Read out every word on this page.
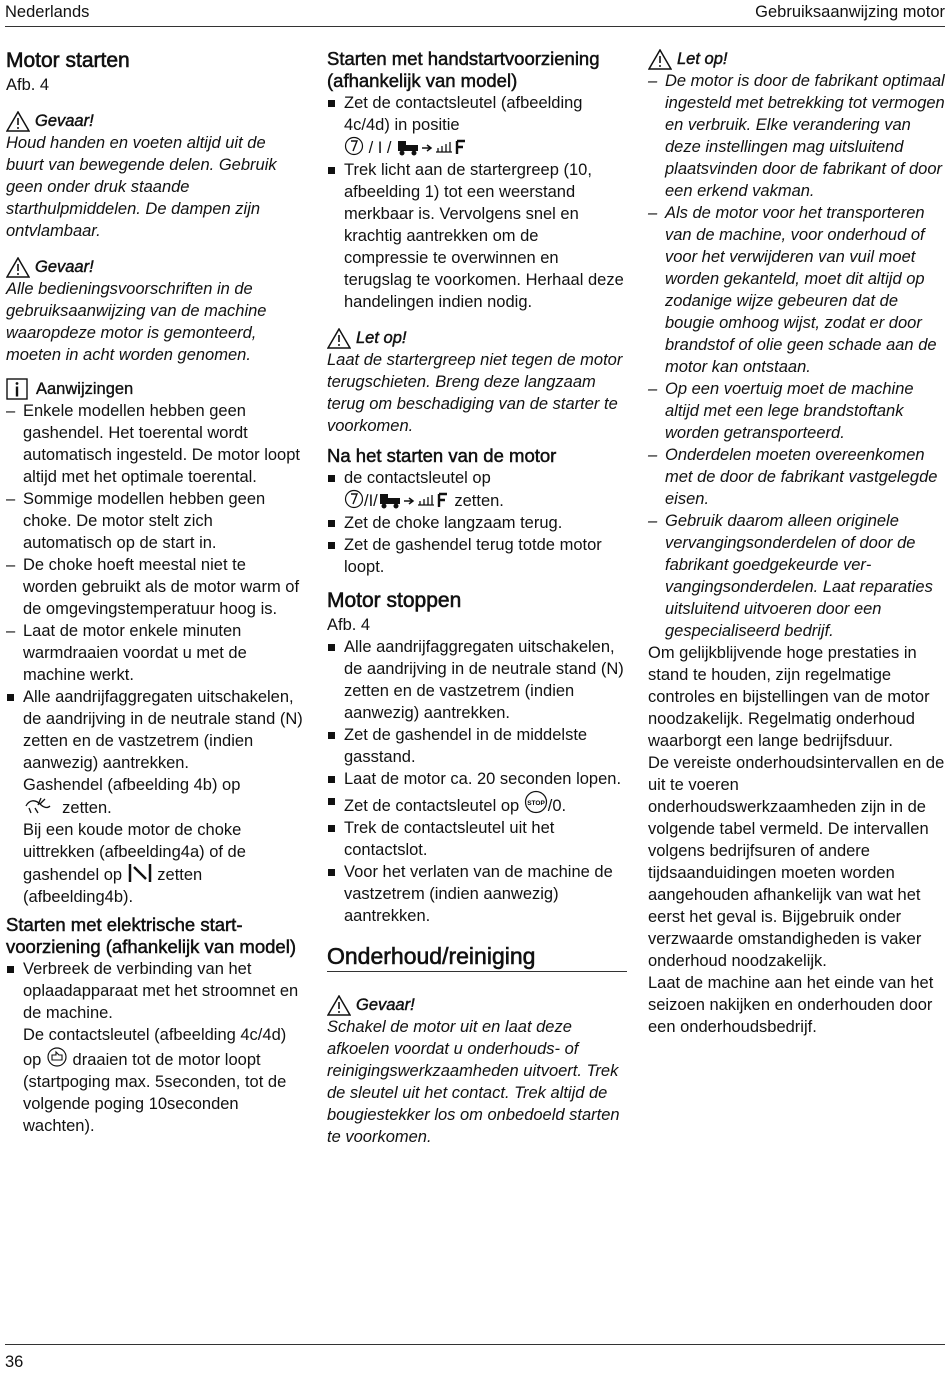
Nederlands	Gebruiksaanwijzing motor
Motor starten

Afb. 4

Gevaar!

Houd handen en voeten altijd uit de buurt van bewegende delen. Gebruik geen onder druk staande starthulpmiddelen. De dampen zijn ontvlambaar.

Gevaar!

Alle bedieningsvoorschriften in de gebruiksaanwijzing van de machine waaropdeze motor is gemonteerd, moeten in acht worden genomen.

Aanwijzingen
– Enkele modellen hebben geen gashendel. Het toerental wordt automatisch ingesteld. De motor loopt altijd met het optimale toerental.
– Sommige modellen hebben geen choke. De motor stelt zich automatisch op de start in.
– De choke hoeft meestal niet te worden gebruikt als de motor warm of de omgevingstemperatuur hoog is.
– Laat de motor enkele minuten warmdraaien voordat u met de machine werkt.
Alle aandrijfaggregaten uitschakelen, de aandrijving in de neutrale stand (N) zetten en de vastzetrem (indien aanwezig) aantrekken.

Gashendel (afbeelding 4b) op
zetten.

Bij een koude motor de choke uittrekken (afbeelding4a) of de gashendel op zetten (afbeelding4b).

Starten met elektrische startvoorziening (afhankelijk van model)
Verbreek de verbinding van het oplaadapparaat met het stroomnet en de machine.

De contactsleutel (afbeelding 4c/4d) op draaien tot de motor loopt (startpoging max. 5seconden, tot de volgende poging 10seconden wachten).

Starten met handstartvoorziening (afhankelijk van model)
Zet de contactsleutel (afbeelding 4c/4d) in positie
/ I /
Trek licht aan de startergreep (10, afbeelding 1) tot een weerstand merkbaar is. Vervolgens snel en krachtig aantrekken om de compressie te overwinnen en terugslag te voorkomen. Herhaal deze handelingen indien nodig.
Let op!

Laat de startergreep niet tegen de motor terugschieten. Breng deze langzaam terug om beschadiging van de starter te voorkomen.

Na het starten van de motor
de contactsleutel op
/I/	zetten.
Zet de choke langzaam terug.
Zet de gashendel terug totde motor loopt.
Motor stoppen

Afb. 4

Alle aandrijfaggregaten uitschakelen, de aandrijving in de neutrale stand (N) zetten en de vastzetrem (indien aanwezig) aantrekken.
Zet de gashendel in de middelste gasstand.
Laat de motor ca. 20 seconden lopen.
Zet de contactsleutel op STOP /0.
Trek de contactsleutel uit het contactslot.
Voor het verlaten van de machine de vastzetrem (indien aanwezig) aantrekken.
Onderhoud/reiniging
Gevaar!

Schakel de motor uit en laat deze afkoelen voordat u onderhouds- of reinigingswerkzaamheden uitvoert. Trek de sleutel uit het contact. Trek altijd de bougiestekker los om onbedoeld starten te voorkomen.

Let op!
– De motor is door de fabrikant optimaal ingesteld met betrekking tot vermogen en verbruik. Elke verandering van deze instellingen mag uitsluitend plaatsvinden door de fabrikant of door een erkend vakman.
– Als de motor voor het transporteren van de machine, voor onderhoud of voor het verwijderen van vuil moet worden gekanteld, moet dit altijd op zodanige wijze gebeuren dat de bougie omhoog wijst, zodat er door brandstof of olie geen schade aan de motor kan ontstaan.
– Op een voertuig moet de machine altijd met een lege brandstoftank worden getransporteerd.
– Onderdelen moeten overeenkomen met de door de fabrikant vastgelegde eisen.
– Gebruik daarom alleen originele vervangingsonderdelen of door de fabrikant goedgekeurde vervangingsonderdelen. Laat reparaties uitsluitend uitvoeren door een gespecialiseerd bedrijf.

Om gelijkblijvende hoge prestaties in stand te houden, zijn regelmatige controles en bijstellingen van de motor noodzakelijk. Regelmatig onderhoud waarborgt een lange bedrijfsduur.

De vereiste onderhoudsintervallen en de uit te voeren onderhoudswerkzaamheden zijn in de volgende tabel vermeld. De intervallen volgens bedrijfsuren of andere tijdsaanduidingen moeten worden aangehouden afhankelijk van wat het eerst het geval is. Bijgebruik onder verzwaarde omstandigheden is vaker onderhoud noodzakelijk.

Laat de machine aan het einde van het seizoen nakijken en onderhouden door een onderhoudsbedrijf.

36
